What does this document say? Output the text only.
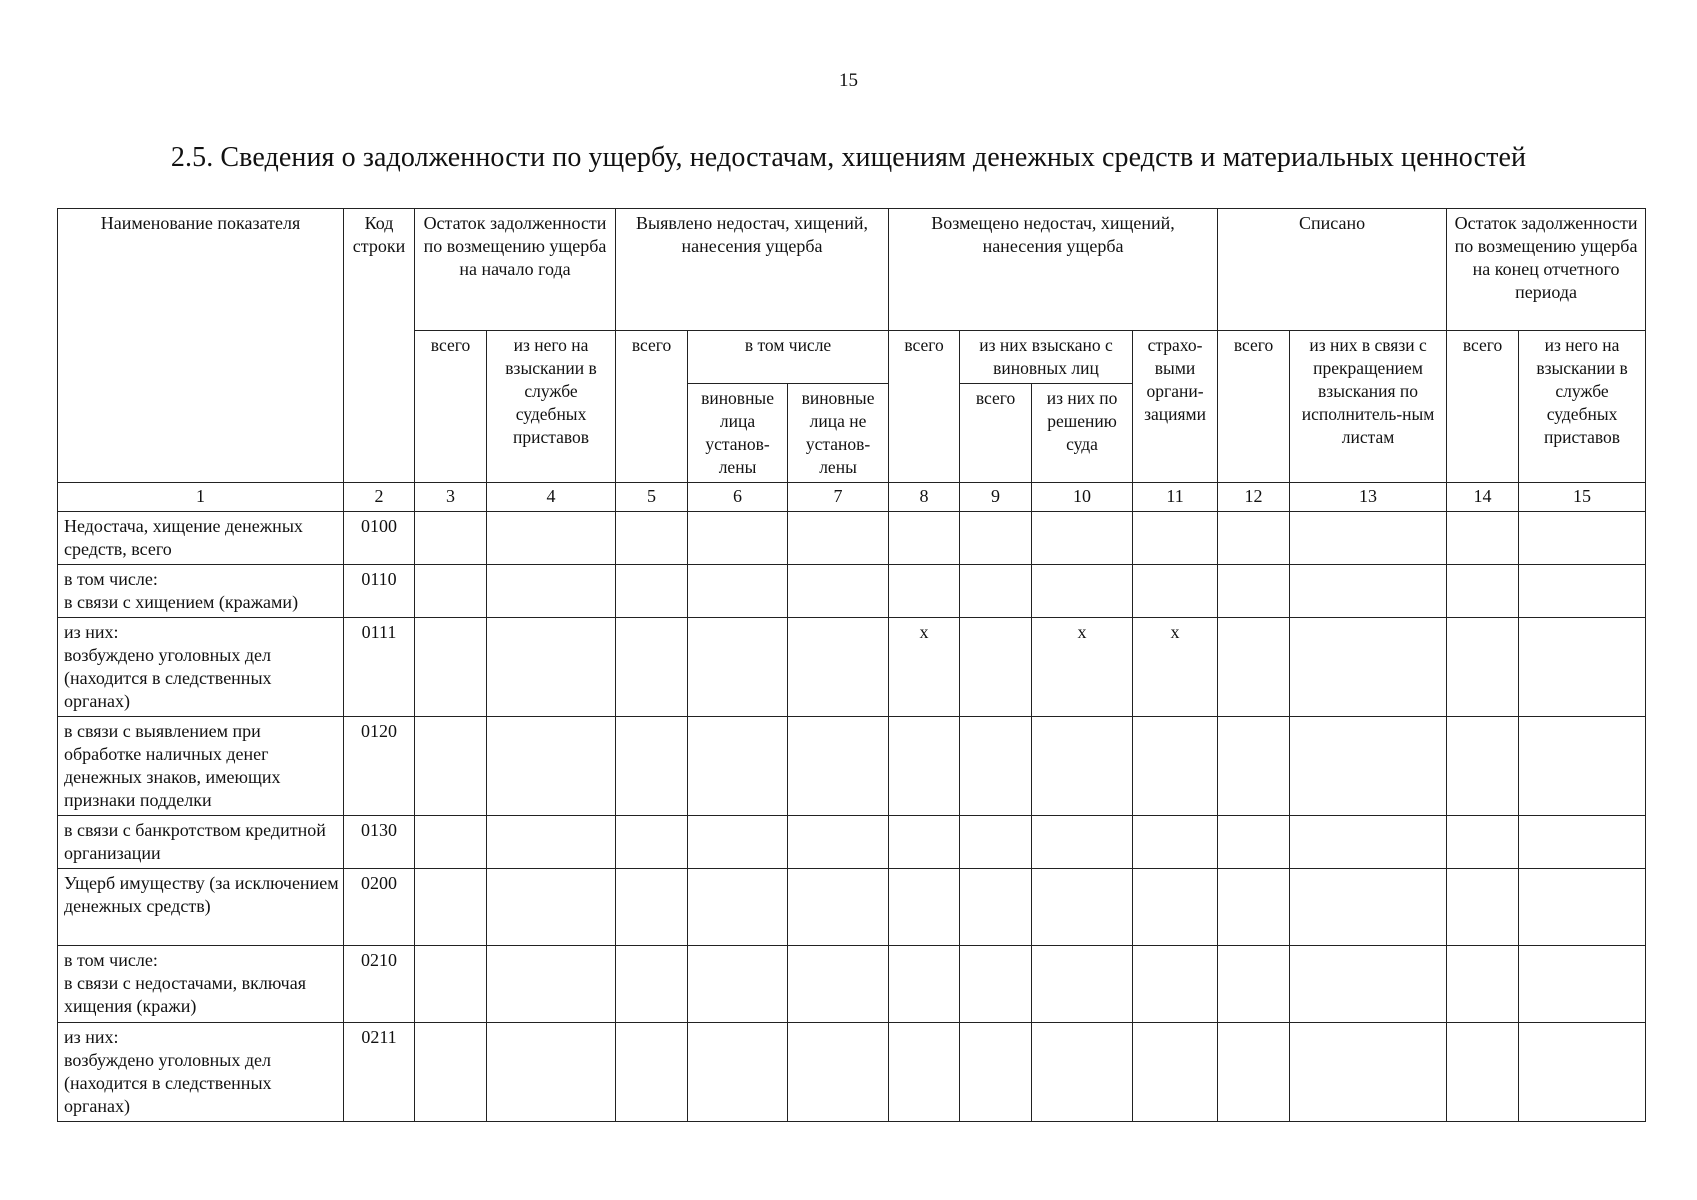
15
2.5. Сведения о задолженности по ущербу, недостачам, хищениям денежных средств и материальных ценностей
Наименование показателя	Код строки	Остаток задолженности по возмещению ущерба на начало года		Выявлено недостач, хищений, нанесения ущерба			Возмещено недостач, хищений, нанесения ущерба				Списано		Остаток задолженности по возмещению ущерба на конец отчетного периода	
		всего	из него на взыскании в службе судебных приставов	всего	в том числе		всего	из них взыскано с виновных лиц		страхо-выми органи-зациями	всего	из них в связи с прекращением взыскания по исполнитель-ным листам	всего	из него на взыскании в службе судебных приставов
								всего	из них по решению суда					
					виновные лица установ-лены	виновные лица не установ-лены								
1	2	3	4	5	6	7	8	9	10	11	12	13	14	15
Недостача, хищение денежных средств, всего	0100													
в том числе:
в связи с хищением (кражами)	0110													
из них:
возбуждено уголовных дел (находится в следственных органах)	0111						x		x	x				
в связи с выявлением при обработке наличных денег денежных знаков, имеющих признаки подделки	0120													
в связи с банкротством кредитной организации	0130													
Ущерб имуществу (за исключением денежных средств)	0200													
в том числе:
в связи с недостачами, включая хищения (кражи)	0210													
из них:
возбуждено уголовных дел (находится в следственных органах)	0211													
